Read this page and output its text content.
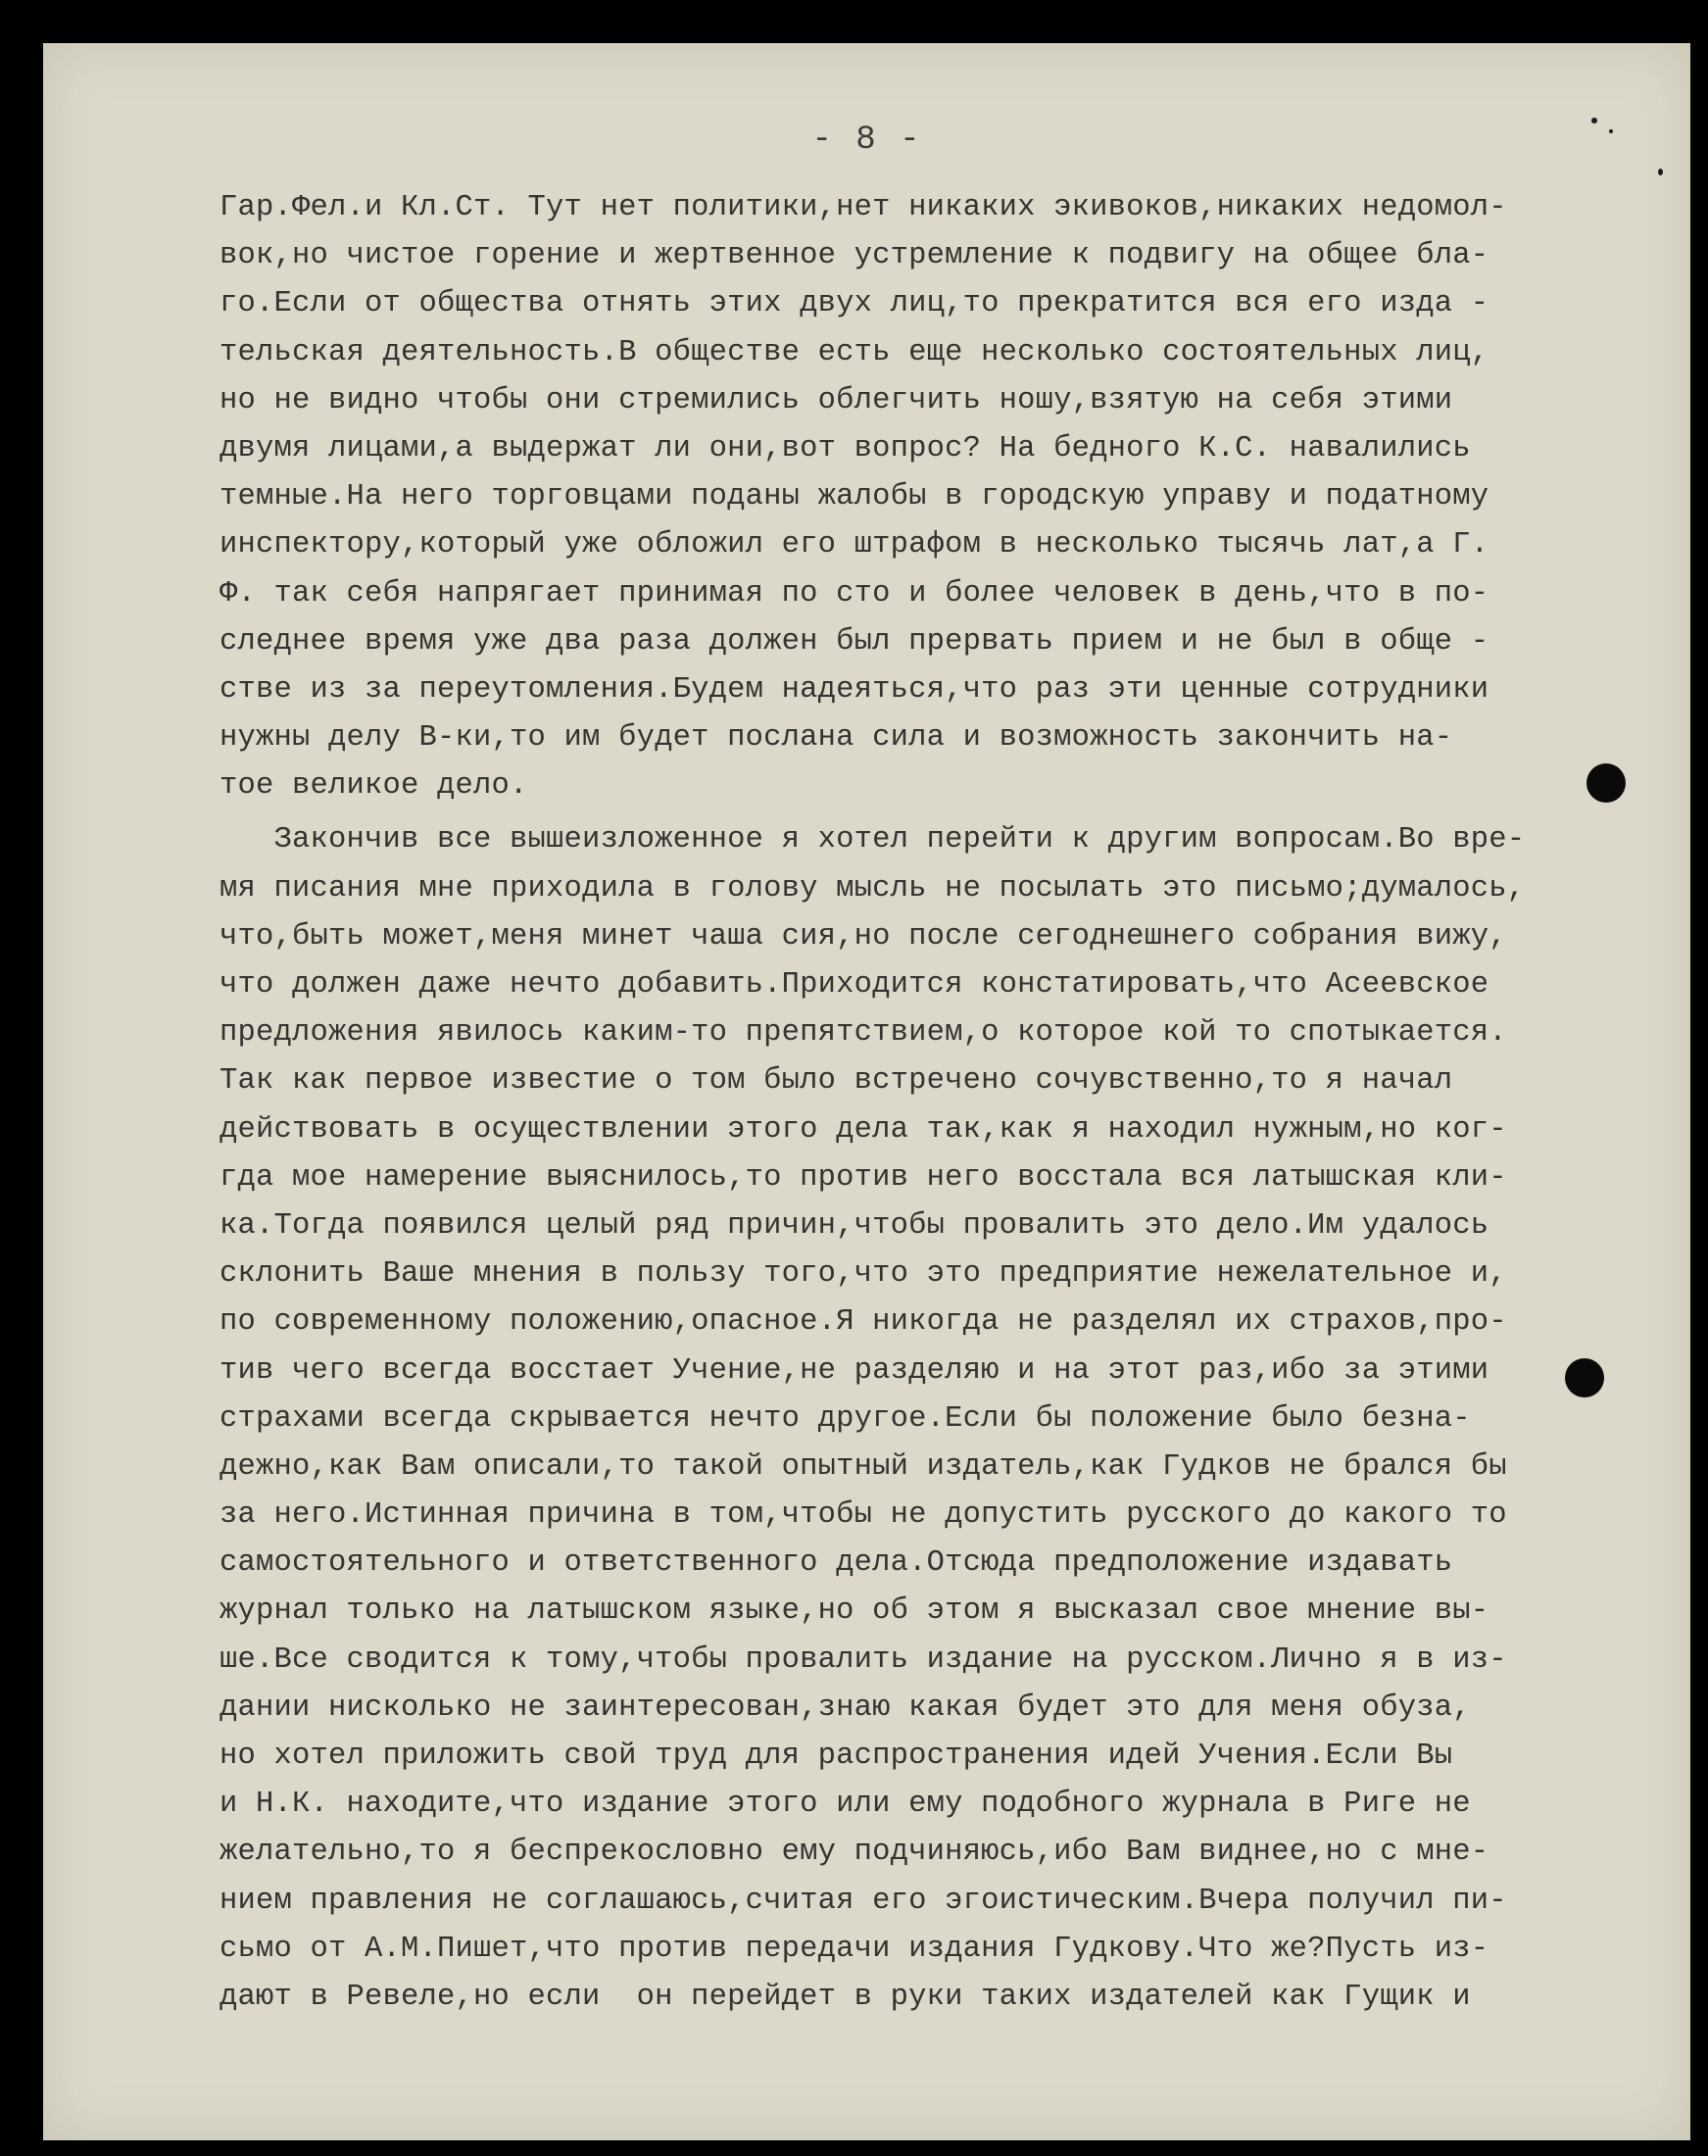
- 8 -
Гар.Фел.и Кл.Ст. Тут нет политики,нет никаких экивоков,никаких недомол-
вок,но чистое горение и жертвенное устремление к подвигу на общее бла-
го.Если от общества отнять этих двух лиц,то прекратится вся его изда -
тельская деятельность.В обществе есть еще несколько состоятельных лиц,
но не видно чтобы они стремились облегчить ношу,взятую на себя этими
двумя лицами,а выдержат ли они,вот вопрос? На бедного К.С. навалились
темные.На него торговцами поданы жалобы в городскую управу и податному
инспектору,который уже обложил его штрафом в несколько тысячь лат,а Г.
Ф. так себя напрягает принимая по сто и более человек в день,что в по-
следнее время уже два раза должен был прервать прием и не был в обще -
стве из за переутомления.Будем надеяться,что раз эти ценные сотрудники
нужны делу В-ки,то им будет послана сила и возможность закончить на-
тое великое дело.
Закончив все вышеизложенное я хотел перейти к другим вопросам.Во вре-
мя писания мне приходила в голову мысль не посылать это письмо;думалось,
что,быть может,меня минет чаша сия,но после сегоднешнего собрания вижу,
что должен даже нечто добавить.Приходится констатировать,что Асеевское
предложения явилось каким-то препятствием,о которое кой то спотыкается.
Так как первое известие о том было встречено сочувственно,то я начал
действовать в осуществлении этого дела так,как я находил нужным,но ког-
гда мое намерение выяснилось,то против него восстала вся латышская кли-
ка.Тогда появился целый ряд причин,чтобы провалить это дело.Им удалось
склонить Ваше мнения в пользу того,что это предприятие нежелательное и,
по современному положению,опасное.Я никогда не разделял их страхов,про-
тив чего всегда восстает Учение,не разделяю и на этот раз,ибо за этими
страхами всегда скрывается нечто другое.Если бы положение было безна-
дежно,как Вам описали,то такой опытный издатель,как Гудков не брался бы
за него.Истинная причина в том,чтобы не допустить русского до какого то
самостоятельного и ответственного дела.Отсюда предположение издавать
журнал только на латышском языке,но об этом я высказал свое мнение вы-
ше.Все сводится к тому,чтобы провалить издание на русском.Лично я в из-
дании нисколько не заинтересован,знаю какая будет это для меня обуза,
но хотел приложить свой труд для распространения идей Учения.Если Вы
и Н.К. находите,что издание этого или ему подобного журнала в Риге не
желательно,то я беспрекословно ему подчиняюсь,ибо Вам виднее,но с мне-
нием правления не соглашаюсь,считая его эгоистическим.Вчера получил пи-
сьмо от А.М.Пишет,что против передачи издания Гудкову.Что же?Пусть из-
дают в Ревеле,но если  он перейдет в руки таких издателей как Гущик и
